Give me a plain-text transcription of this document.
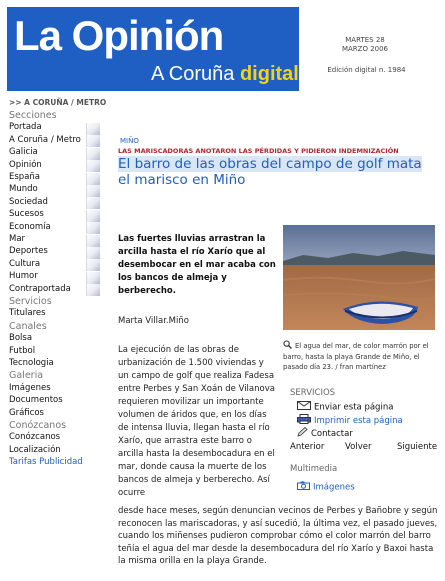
La Opinión
A Coruña digital
MARTES 28
MARZO 2006
Edición digital n. 1984
>> A CORUÑA / METRO
Secciones
Portada
A Coruña / Metro
Galicia
Opinión
España
Mundo
Sociedad
Sucesos
Economía
Mar
Deportes
Cultura
Humor
Contraportada
Servicios
Titulares
Canales
Bolsa
Futbol
Tecnologia
Galeria
Imágenes
Documentos
Gráficos
Conózcanos
Conózcanos
Localización
Tarifas Publicidad
MIÑO
LAS MARISCADORAS ANOTARON LAS PÉRDIDAS Y PIDIERON INDEMNIZACIÓN
El barro de las obras del campo de golf mata el marisco en Miño
Las fuertes lluvias arrastran la arcilla hasta el río Xarío que al desembocar en el mar acaba con los bancos de almeja y berberecho.
Marta Villar.Miño
La ejecución de las obras de urbanización de 1.500 viviendas y un campo de golf que realiza Fadesa entre Perbes y San Xoán de Vilanova requieren movilizar un importante volumen de áridos que, en los días de intensa lluvia, llegan hasta el río Xarío, que arrastra este barro o arcilla hasta la desembocadura en el mar, donde causa la muerte de los bancos de almeja y berberecho. Así ocurre
desde hace meses, según denuncian vecinos de Perbes y Bañobre y según reconocen las mariscadoras, y así sucedió, la última vez, el pasado jueves, cuando los miñenses pudieron comprobar cómo el color marrón del barro teñía el agua del mar desde la desembocadura del río Xarío y Baxoi hasta la misma orilla en la playa Grande.
El agua del mar, de color marrón por el barro, hasta la playa Grande de Miño, el pasado día 23. / fran martínez
SERVICIOS
Enviar esta página
Imprimir esta página
Contactar
Anterior Volver	Siguiente
Multimedia
Imágenes
